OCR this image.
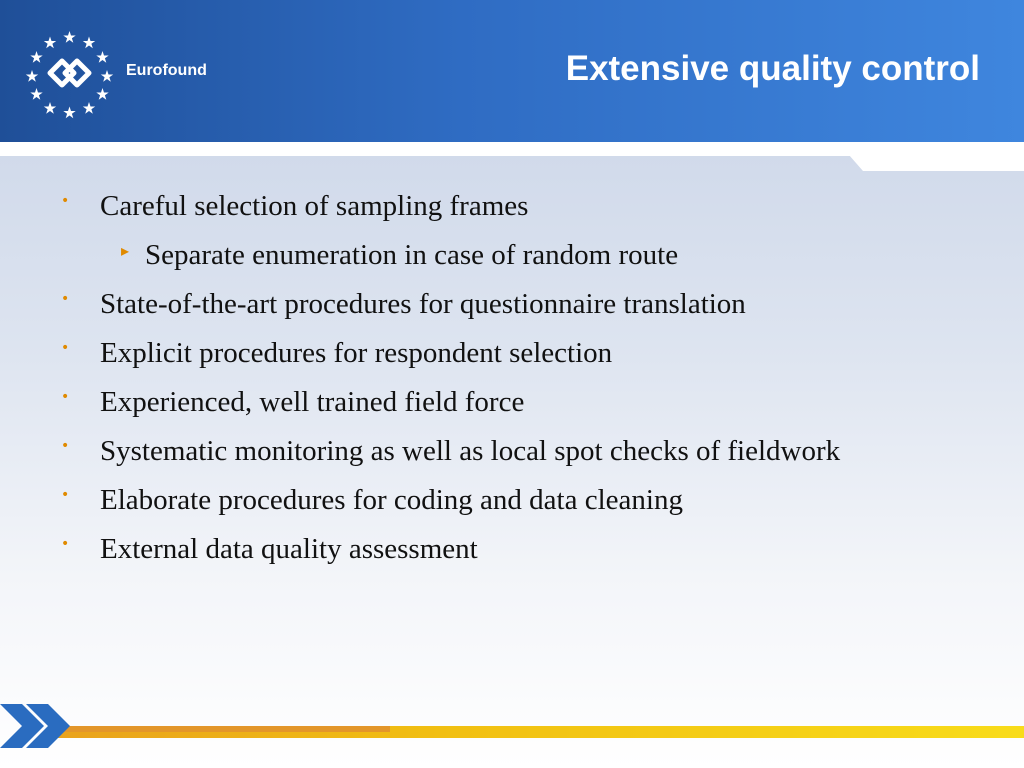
Eurofound	Extensive quality control
• Careful selection of sampling frames
▸ Separate enumeration in case of random route
• State-of-the-art procedures for questionnaire translation
• Explicit procedures for respondent selection
• Experienced, well trained field force
• Systematic monitoring as well as local spot checks of fieldwork
• Elaborate procedures for coding and data cleaning
• External data quality assessment
